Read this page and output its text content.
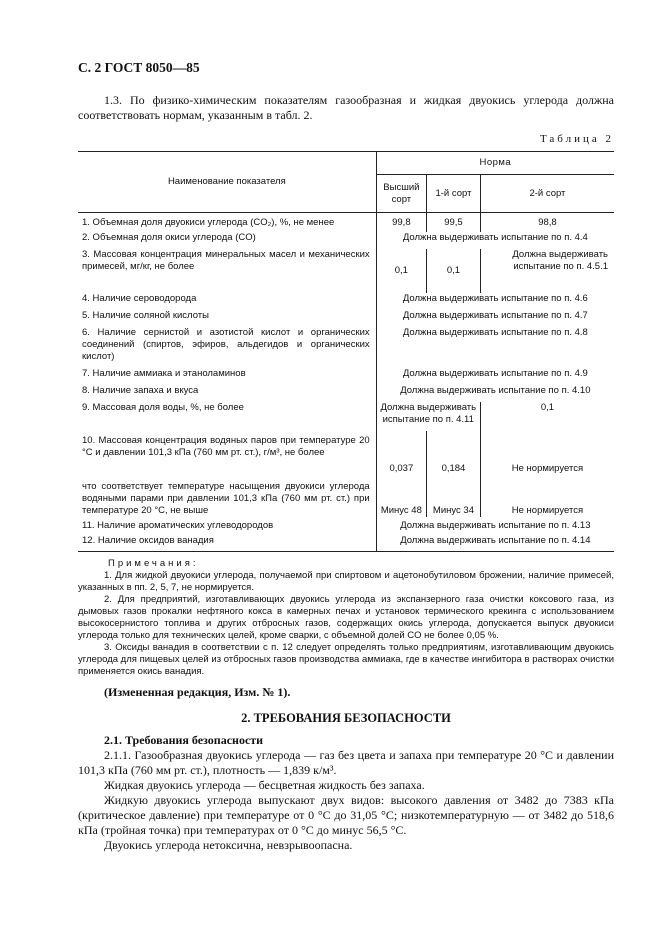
С. 2 ГОСТ 8050—85
1.3. По физико-химическим показателям газообразная и жидкая двуокись углерода должна соответствовать нормам, указанным в табл. 2.
Таблица 2
Наименование показателя	Норма		
	Высший сорт	1-й сорт	2-й сорт
1. Объемная доля двуокиси углерода (CO₂), %, не менее	99,8	99,5	98,8
2. Объемная доля окиси углерода (CO)	Должна выдерживать испытание по п. 4.4		
3. Массовая концентрация минеральных масел и механических примесей, мг/кг, не более	0,1	0,1	Должна выдерживать испытание по п. 4.5.1
4. Наличие сероводорода	Должна выдерживать испытание по п. 4.6		
5. Наличие соляной кислоты	Должна выдерживать испытание по п. 4.7		
6. Наличие сернистой и азотистой кислот и органических соединений (спиртов, эфиров, альдегидов и органических кислот)	Должна выдерживать испытание по п. 4.8		
7. Наличие аммиака и этаноламинов	Должна выдерживать испытание по п. 4.9		
8. Наличие запаха и вкуса	Должна выдерживать испытание по п. 4.10		
9. Массовая доля воды, %, не более	Должна выдерживать испытание по п. 4.11		0,1
10. Массовая концентрация водяных паров при температуре 20 °С и давлении 101,3 кПа (760 мм рт. ст.), г/м³, не более	0,037	0,184	Не нормируется
что соответствует температуре насыщения двуокиси углерода водяными парами при давлении 101,3 кПа (760 мм рт. ст.) при температуре 20 °С, не выше	Минус 48	Минус 34	Не нормируется
11. Наличие ароматических углеводородов	Должна выдерживать испытание по п. 4.13		
12. Наличие оксидов ванадия	Должна выдерживать испытание по п. 4.14		
Примечания:

1. Для жидкой двуокиси углерода, получаемой при спиртовом и ацетонобутиловом брожении, наличие примесей, указанных в пп. 2, 5, 7, не нормируется.

2. Для предприятий, изготавливающих двуокись углерода из экспанзерного газа очистки коксового газа, из дымовых газов прокалки нефтяного кокса в камерных печах и установок термического крекинга с использованием высокосернистого топлива и других отбросных газов, содержащих окись углерода, допускается выпуск двуокиси углерода только для технических целей, кроме сварки, с объемной долей CO не более 0,05 %.

3. Оксиды ванадия в соответствии с п. 12 следует определять только предприятиям, изготавливающим двуокись углерода для пищевых целей из отбросных газов производства аммиака, где в качестве ингибитора в растворах очистки применяется окись ванадия.

(Измененная редакция, Изм. № 1).
2. ТРЕБОВАНИЯ БЕЗОПАСНОСТИ

2.1. Требования безопасности

2.1.1. Газообразная двуокись углерода — газ без цвета и запаха при температуре 20 °С и давлении 101,3 кПа (760 мм рт. ст.), плотность — 1,839 к/м³.

Жидкая двуокись углерода — бесцветная жидкость без запаха.

Жидкую двуокись углерода выпускают двух видов: высокого давления от 3482 до 7383 кПа (критическое давление) при температуре от 0 °С до 31,05 °С; низкотемпературную — от 3482 до 518,6 кПа (тройная точка) при температурах от 0 °С до минус 56,5 °С.

Двуокись углерода нетоксична, невзрывоопасна.
